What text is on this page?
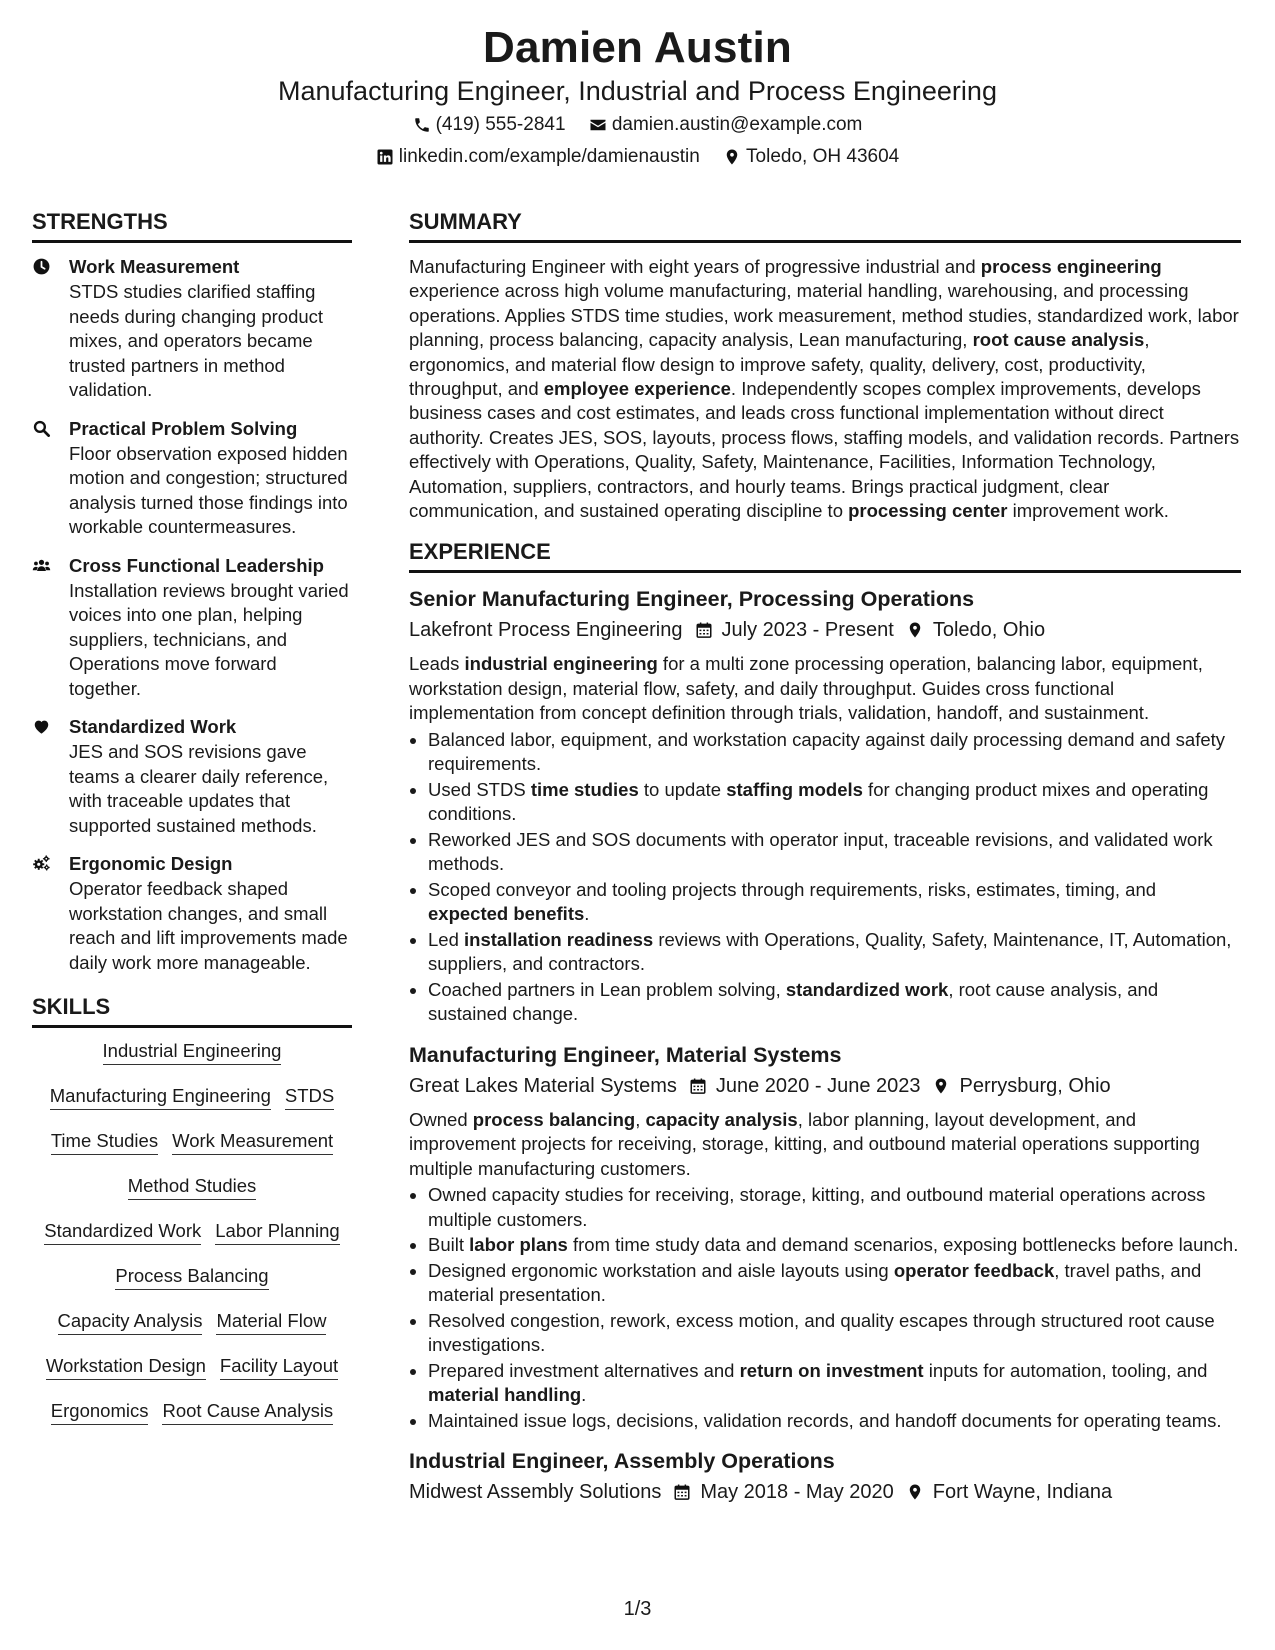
Damien Austin
Manufacturing Engineer, Industrial and Process Engineering
(419) 555-2841
damien.austin@example.com
linkedin.com/example/damienaustin
Toledo, OH 43604
STRENGTHS
Work Measurement
STDS studies clarified staffing needs during changing product mixes, and operators became trusted partners in method validation.
Practical Problem Solving
Floor observation exposed hidden motion and congestion; structured analysis turned those findings into workable countermeasures.
Cross Functional Leadership
Installation reviews brought varied voices into one plan, helping suppliers, technicians, and Operations move forward together.
Standardized Work
JES and SOS revisions gave teams a clearer daily reference, with traceable updates that supported sustained methods.
Ergonomic Design
Operator feedback shaped workstation changes, and small reach and lift improvements made daily work more manageable.
SKILLS
Industrial Engineering
Manufacturing Engineering STDS
Time Studies Work Measurement
Method Studies
Standardized Work Labor Planning
Process Balancing
Capacity Analysis Material Flow
Workstation Design Facility Layout
Ergonomics Root Cause Analysis
SUMMARY
Manufacturing Engineer with eight years of progressive industrial and process engineering experience across high volume manufacturing, material handling, warehousing, and processing operations. Applies STDS time studies, work measurement, method studies, standardized work, labor planning, process balancing, capacity analysis, Lean manufacturing, root cause analysis, ergonomics, and material flow design to improve safety, quality, delivery, cost, productivity, throughput, and employee experience. Independently scopes complex improvements, develops business cases and cost estimates, and leads cross functional implementation without direct authority. Creates JES, SOS, layouts, process flows, staffing models, and validation records. Partners effectively with Operations, Quality, Safety, Maintenance, Facilities, Information Technology, Automation, suppliers, contractors, and hourly teams. Brings practical judgment, clear communication, and sustained operating discipline to processing center improvement work.
EXPERIENCE
Senior Manufacturing Engineer, Processing Operations
Lakefront Process Engineering July 2023 - Present Toledo, Ohio
Leads industrial engineering for a multi zone processing operation, balancing labor, equipment, workstation design, material flow, safety, and daily throughput. Guides cross functional implementation from concept definition through trials, validation, handoff, and sustainment.
• Balanced labor, equipment, and workstation capacity against daily processing demand and safety requirements.
• Used STDS time studies to update staffing models for changing product mixes and operating conditions.
• Reworked JES and SOS documents with operator input, traceable revisions, and validated work methods.
• Scoped conveyor and tooling projects through requirements, risks, estimates, timing, and expected benefits.
• Led installation readiness reviews with Operations, Quality, Safety, Maintenance, IT, Automation, suppliers, and contractors.
• Coached partners in Lean problem solving, standardized work, root cause analysis, and sustained change.
Manufacturing Engineer, Material Systems
Great Lakes Material Systems June 2020 - June 2023 Perrysburg, Ohio
Owned process balancing, capacity analysis, labor planning, layout development, and improvement projects for receiving, storage, kitting, and outbound material operations supporting multiple manufacturing customers.
• Owned capacity studies for receiving, storage, kitting, and outbound material operations across multiple customers.
• Built labor plans from time study data and demand scenarios, exposing bottlenecks before launch.
• Designed ergonomic workstation and aisle layouts using operator feedback, travel paths, and material presentation.
• Resolved congestion, rework, excess motion, and quality escapes through structured root cause investigations.
• Prepared investment alternatives and return on investment inputs for automation, tooling, and material handling.
• Maintained issue logs, decisions, validation records, and handoff documents for operating teams.
Industrial Engineer, Assembly Operations
Midwest Assembly Solutions May 2018 - May 2020 Fort Wayne, Indiana
1/3
